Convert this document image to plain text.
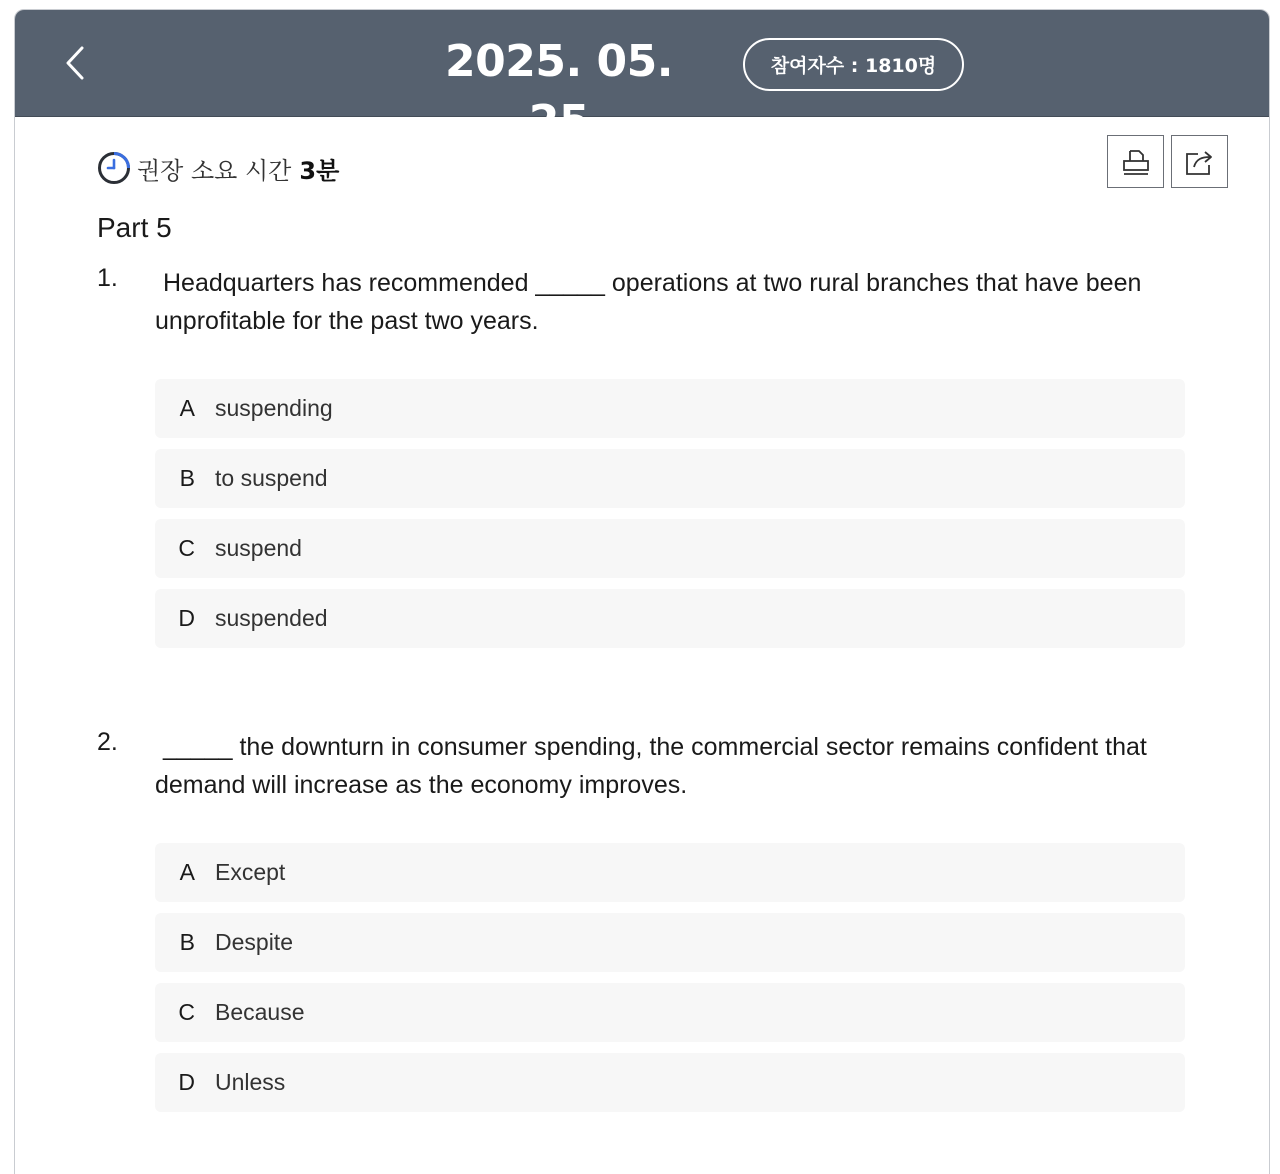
2025. 05. 25
참여자수 : 1810명
권장 소요 시간 3분
Part 5
1.	Headquarters has recommended _____ operations at two rural branches that have been unprofitable for the past two years.
A suspending
B to suspend
C suspend
D suspended
2.	_____ the downturn in consumer spending, the commercial sector remains confident that demand will increase as the economy improves.
A Except
B Despite
C Because
D Unless
